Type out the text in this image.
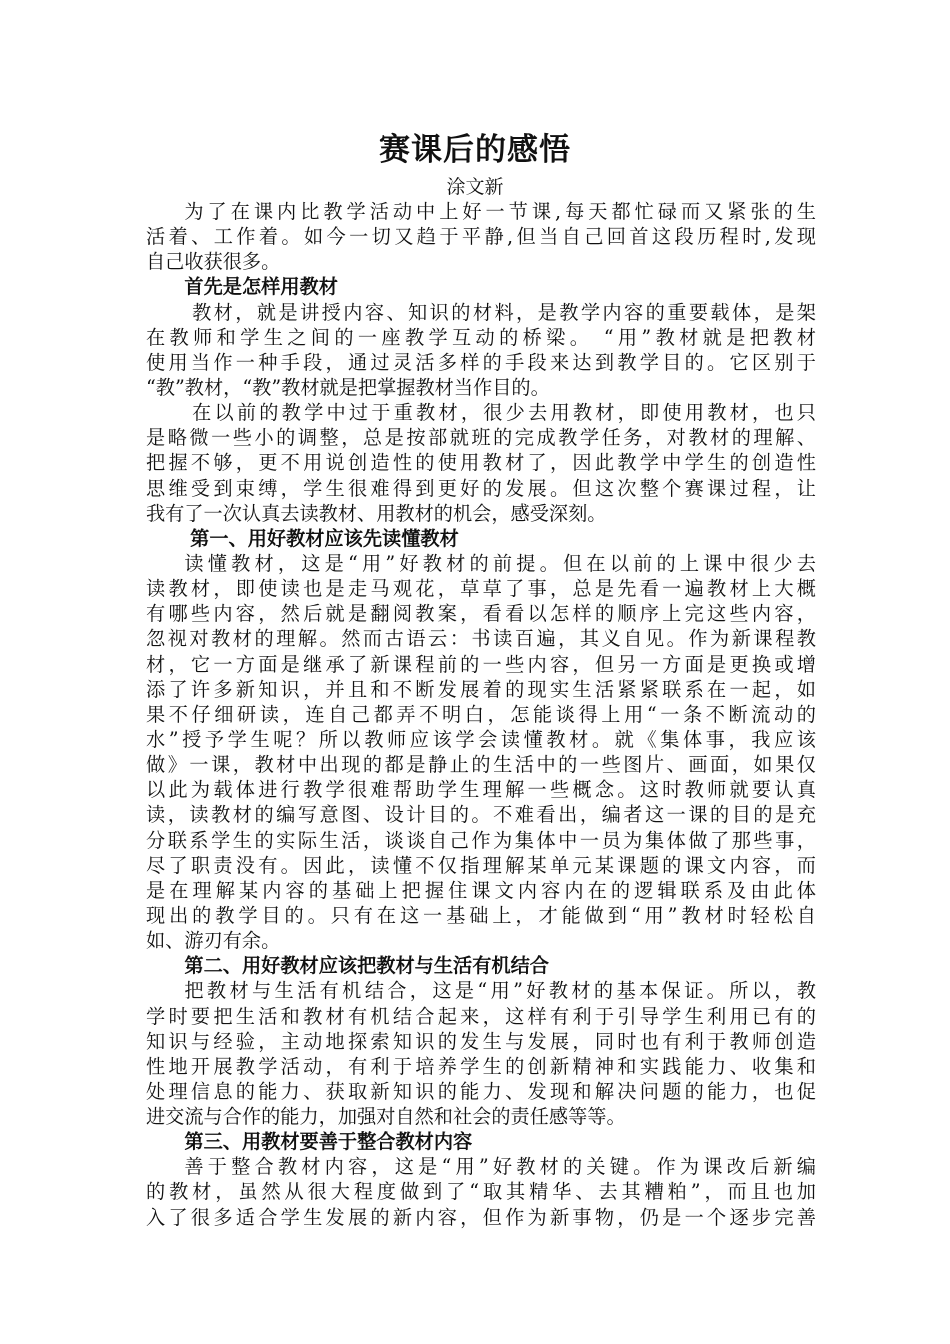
赛课后的感悟
涂文新
为了在课内比教学活动中上好一节课,每天都忙碌而又紧张的生
活着、工作着。如今一切又趋于平静,但当自己回首这段历程时,发现
自己收获很多。
首先是怎样用教材
教材，就是讲授内容、知识的材料，是教学内容的重要载体，是架
在教师和学生之间的一座教学互动的桥梁。 “用”教材就是把教材
使用当作一种手段，通过灵活多样的手段来达到教学目的。它区别于
“教”教材，“教”教材就是把掌握教材当作目的。
在以前的教学中过于重教材，很少去用教材，即使用教材，也只
是略微一些小的调整，总是按部就班的完成教学任务，对教材的理解、
把握不够，更不用说创造性的使用教材了，因此教学中学生的创造性
思维受到束缚，学生很难得到更好的发展。但这次整个赛课过程，让
我有了一次认真去读教材、用教材的机会，感受深刻。
第一、用好教材应该先读懂教材
读懂教材，这是“用”好教材的前提。但在以前的上课中很少去
读教材，即使读也是走马观花，草草了事，总是先看一遍教材上大概
有哪些内容，然后就是翻阅教案，看看以怎样的顺序上完这些内容，
忽视对教材的理解。然而古语云：书读百遍，其义自见。作为新课程教
材，它一方面是继承了新课程前的一些内容，但另一方面是更换或增
添了许多新知识，并且和不断发展着的现实生活紧紧联系在一起，如
果不仔细研读，连自己都弄不明白，怎能谈得上用“一条不断流动的
水”授予学生呢？所以教师应该学会读懂教材。就《集体事，我应该
做》一课，教材中出现的都是静止的生活中的一些图片、画面，如果仅
以此为载体进行教学很难帮助学生理解一些概念。这时教师就要认真
读，读教材的编写意图、设计目的。不难看出，编者这一课的目的是充
分联系学生的实际生活，谈谈自己作为集体中一员为集体做了那些事，
尽了职责没有。因此，读懂不仅指理解某单元某课题的课文内容，而
是在理解某内容的基础上把握住课文内容内在的逻辑联系及由此体
现出的教学目的。只有在这一基础上，才能做到“用”教材时轻松自
如、游刃有余。
第二、用好教材应该把教材与生活有机结合
把教材与生活有机结合，这是“用”好教材的基本保证。所以，教
学时要把生活和教材有机结合起来，这样有利于引导学生利用已有的
知识与经验，主动地探索知识的发生与发展，同时也有利于教师创造
性地开展教学活动，有利于培养学生的创新精神和实践能力、收集和
处理信息的能力、获取新知识的能力、发现和解决问题的能力，也促
进交流与合作的能力，加强对自然和社会的责任感等等。
第三、用教材要善于整合教材内容
善于整合教材内容，这是“用”好教材的关键。作为课改后新编
的教材，虽然从很大程度做到了“取其精华、去其糟粕”，而且也加
入了很多适合学生发展的新内容，但作为新事物，仍是一个逐步完善
